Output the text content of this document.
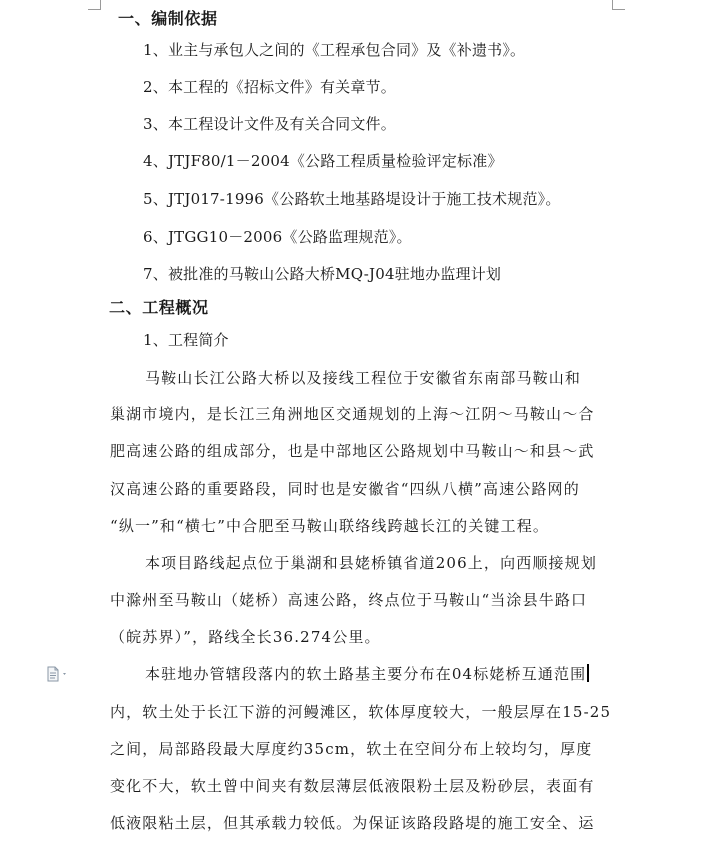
一、编制依据
1、业主与承包人之间的《工程承包合同》及《补遗书》。
2、本工程的《招标文件》有关章节。
3、本工程设计文件及有关合同文件。
4、JTJF80/1－2004《公路工程质量检验评定标准》
5、JTJ017-1996《公路软土地基路堤设计于施工技术规范》。
6、JTGG10－2006《公路监理规范》。
7、被批准的马鞍山公路大桥MQ-J04驻地办监理计划
二、工程概况
1、工程简介
马鞍山长江公路大桥以及接线工程位于安徽省东南部马鞍山和
巢湖市境内，是长江三角洲地区交通规划的上海～江阴～马鞍山～合
肥高速公路的组成部分，也是中部地区公路规划中马鞍山～和县～武
汉高速公路的重要路段，同时也是安徽省“四纵八横”高速公路网的
“纵一”和“横七”中合肥至马鞍山联络线跨越长江的关键工程。
本项目路线起点位于巢湖和县姥桥镇省道206上，向西顺接规划
中滁州至马鞍山（姥桥）高速公路，终点位于马鞍山“当涂县牛路口
（皖苏界）”，路线全长36.274公里。
本驻地办管辖段落内的软土路基主要分布在04标姥桥互通范围
内，软土处于长江下游的河鳗滩区，软体厚度较大，一般层厚在15-25
之间，局部路段最大厚度约35cm，软土在空间分布上较均匀，厚度
变化不大，软土曾中间夹有数层薄层低液限粉土层及粉砂层，表面有
低液限粘土层，但其承载力较低。为保证该路段路堤的施工安全、运
